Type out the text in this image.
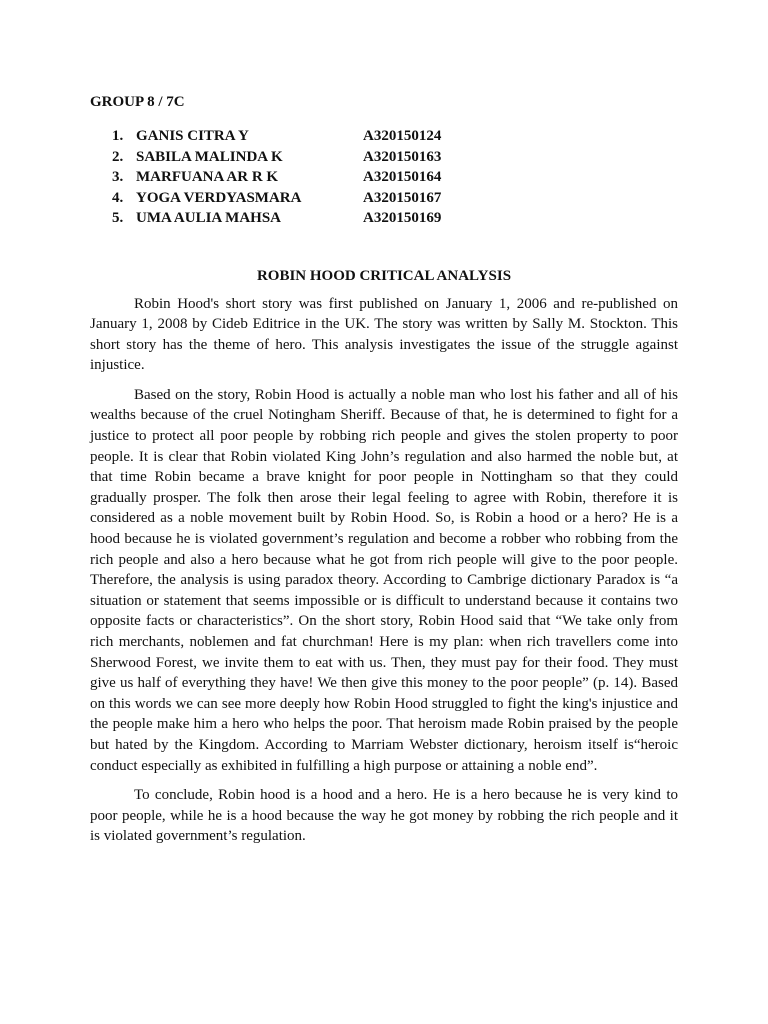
GROUP 8 / 7C
1. GANIS CITRA Y	A320150124
2. SABILA MALINDA K	A320150163
3. MARFUANA AR R K	A320150164
4. YOGA VERDYASMARA	A320150167
5. UMA AULIA MAHSA	A320150169
ROBIN HOOD CRITICAL ANALYSIS

Robin Hood's short story was first published on January 1, 2006 and re-published on January 1, 2008 by Cideb Editrice in the UK. The story was written by Sally M. Stockton. This short story has the theme of hero. This analysis investigates the issue of the struggle against injustice.

Based on the story, Robin Hood is actually a noble man who lost his father and all of his wealths because of the cruel Notingham Sheriff. Because of that, he is determined to fight for a justice to protect all poor people by robbing rich people and gives the stolen property to poor people. It is clear that Robin violated King John’s regulation and also harmed the noble but, at that time Robin became a brave knight for poor people in Nottingham so that they could gradually prosper. The folk then arose their legal feeling to agree with Robin, therefore it is considered as a noble movement built by Robin Hood. So, is Robin a hood or a hero? He is a hood because he is violated government’s regulation and become a robber who robbing from the rich people and also a hero because what he got from rich people will give to the poor people. Therefore, the analysis is using paradox theory. According to Cambrige dictionary Paradox is “a situation or statement that seems impossible or is difficult to understand because it contains two opposite facts or characteristics”. On the short story, Robin Hood said that “We take only from rich merchants, noblemen and fat churchman! Here is my plan: when rich travellers come into Sherwood Forest, we invite them to eat with us. Then, they must pay for their food. They must give us half of everything they have! We then give this money to the poor people” (p. 14). Based on this words we can see more deeply how Robin Hood struggled to fight the king's injustice and the people make him a hero who helps the poor. That heroism made Robin praised by the people but hated by the Kingdom. According to Marriam Webster dictionary, heroism itself is“heroic conduct especially as exhibited in fulfilling a high purpose or attaining a noble end”.

To conclude, Robin hood is a hood and a hero. He is a hero because he is very kind to poor people, while he is a hood because the way he got money by robbing the rich people and it is violated government’s regulation.
